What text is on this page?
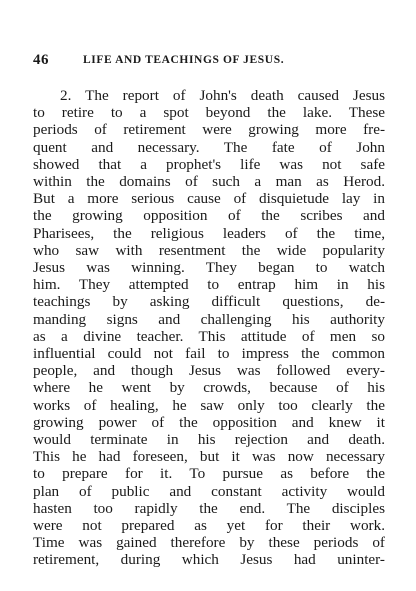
46	LIFE AND TEACHINGS OF JESUS.
2. The report of John's death caused Jesus
to retire to a spot beyond the lake. These
periods of retirement were growing more fre-
quent and necessary. The fate of John
showed that a prophet's life was not safe
within the domains of such a man as Herod.
But a more serious cause of disquietude lay in
the growing opposition of the scribes and
Pharisees, the religious leaders of the time,
who saw with resentment the wide popularity
Jesus was winning. They began to watch
him. They attempted to entrap him in his
teachings by asking difficult questions, de-
manding signs and challenging his authority
as a divine teacher. This attitude of men so
influential could not fail to impress the common
people, and though Jesus was followed every-
where he went by crowds, because of his
works of healing, he saw only too clearly the
growing power of the opposition and knew it
would terminate in his rejection and death.
This he had foreseen, but it was now necessary
to prepare for it. To pursue as before the
plan of public and constant activity would
hasten too rapidly the end. The disciples
were not prepared as yet for their work.
Time was gained therefore by these periods of
retirement, during which Jesus had uninter-
